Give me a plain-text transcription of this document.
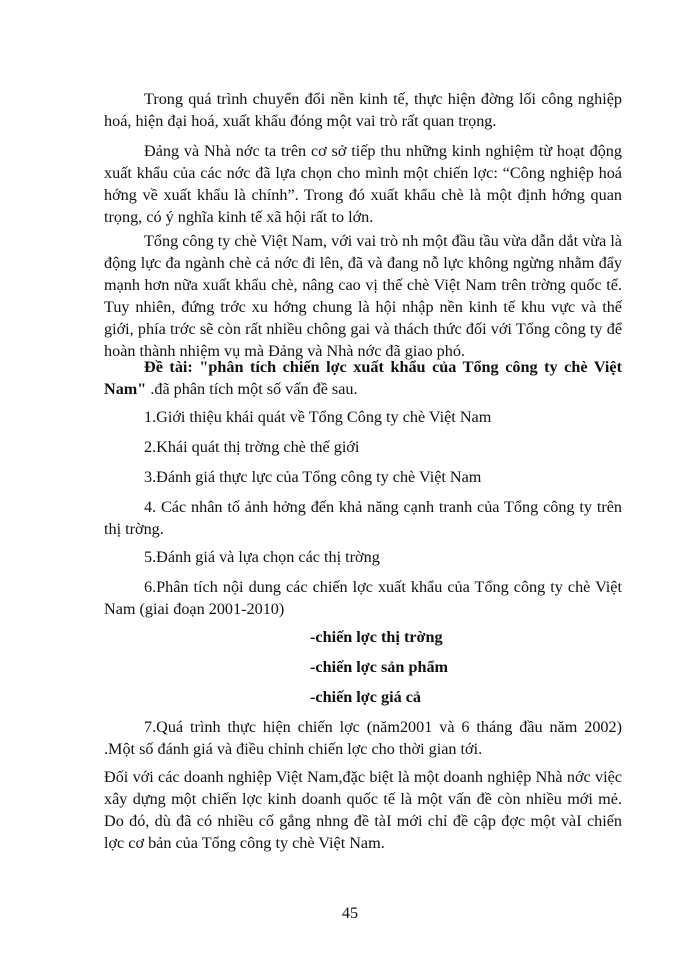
Trong quá trình chuyển đổi nền kinh tế, thực hiện đờng lối công nghiệp hoá, hiện đại hoá, xuất khẩu đóng một vai trò rất quan trọng.

Đảng và Nhà nớc ta trên cơ sở tiếp thu những kinh nghiệm từ hoạt động xuất khẩu của các nớc đã lựa chọn cho mình một chiến lợc: “Công nghiệp hoá hớng về xuất khẩu là chính”. Trong đó xuất khẩu chè là một định hớng quan trọng, có ý nghĩa kinh tế xã hội rất to lớn.

Tổng công ty chè Việt Nam, với vai trò nh một đầu tầu vừa dẫn dắt vừa là động lực đa ngành chè cả nớc đi lên, đã và đang nỗ lực không ngừng nhằm đẩy mạnh hơn nữa xuất khẩu chè, nâng cao vị thế chè Việt Nam trên trờng quốc tế. Tuy nhiên, đứng trớc xu hớng chung là hội nhập nền kinh tế khu vực và thế giới, phía trớc sẽ còn rất nhiều chông gai và thách thức đối với Tổng công ty để hoàn thành nhiệm vụ mà Đảng và Nhà nớc đã giao phó.

Đề tài: "phân tích chiến lợc xuất khẩu của Tổng công ty chè Việt Nam" .đã phân tích một số vấn đề sau.

1.Giới thiệu khái quát về Tổng Công ty chè Việt Nam

2.Khái quát thị trờng chè thế giới

3.Đánh giá thực lực của Tổng công ty chè Việt Nam

4. Các nhân tố ảnh hởng đến khả năng cạnh tranh của Tổng công ty trên thị trờng.

5.Đánh giá và lựa chọn các thị trờng

6.Phân tích nội dung các chiến lợc xuất khẩu của Tổng công ty chè Việt Nam (giai đoạn 2001-2010)

-chiến lợc thị trờng

-chiến lợc sản phẩm

-chiến lợc giá cả

7.Quá trình thực hiện chiến lợc (năm2001 và 6 tháng đầu năm 2002) .Một số đánh giá và điều chỉnh chiến lợc cho thời gian tới.

Đối với các doanh nghiệp Việt Nam,đặc biệt là một doanh nghiệp Nhà nớc việc xây dựng một chiến lợc kinh doanh quốc tế là một vấn đề còn nhiều mới mẻ. Do đó, dù đã có nhiều cố gắng nhng đề tàI mới chỉ đề cập đợc một vàI chiến lợc cơ bản của Tổng công ty chè Việt Nam.

45
